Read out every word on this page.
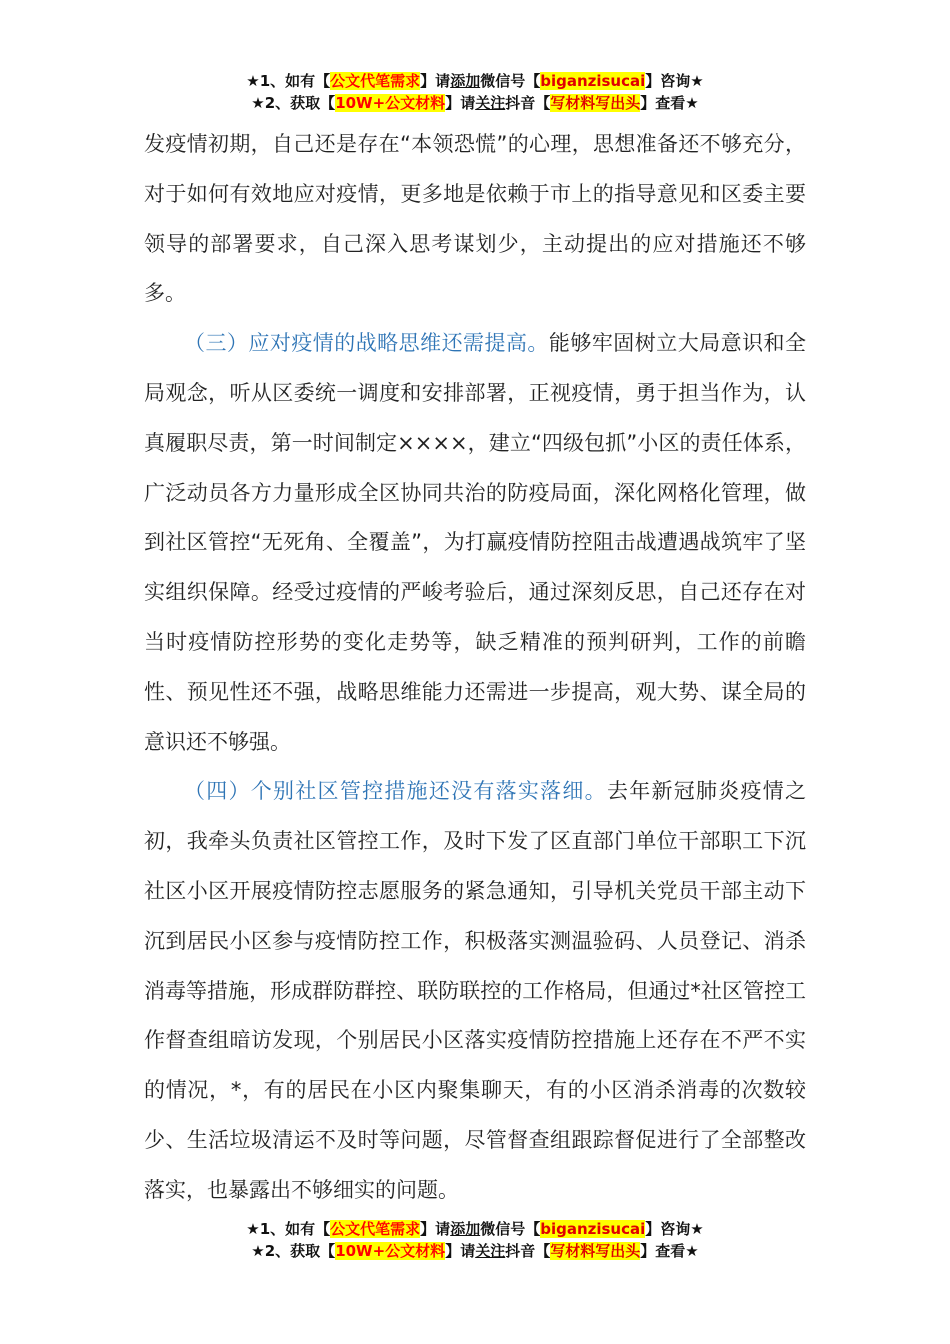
★1、如有【公文代笔需求】请添加微信号【biganzisucai】咨询★
★2、获取【10W+公文材料】请关注抖音【写材料写出头】查看★

发疫情初期，自己还是存在“本领恐慌”的心理，思想准备还不够充分，对于如何有效地应对疫情，更多地是依赖于市上的指导意见和区委主要领导的部署要求，自己深入思考谋划少，主动提出的应对措施还不够多。

（三）应对疫情的战略思维还需提高。能够牢固树立大局意识和全局观念，听从区委统一调度和安排部署，正视疫情，勇于担当作为，认真履职尽责，第一时间制定××××，建立“四级包抓”小区的责任体系，广泛动员各方力量形成全区协同共治的防疫局面，深化网格化管理，做到社区管控“无死角、全覆盖”，为打赢疫情防控阻击战遭遇战筑牢了坚实组织保障。经受过疫情的严峻考验后，通过深刻反思，自己还存在对当时疫情防控形势的变化走势等，缺乏精准的预判研判，工作的前瞻性、预见性还不强，战略思维能力还需进一步提高，观大势、谋全局的意识还不够强。

（四）个别社区管控措施还没有落实落细。去年新冠肺炎疫情之初，我牵头负责社区管控工作，及时下发了区直部门单位干部职工下沉社区小区开展疫情防控志愿服务的紧急通知，引导机关党员干部主动下沉到居民小区参与疫情防控工作，积极落实测温验码、人员登记、消杀消毒等措施，形成群防群控、联防联控的工作格局，但通过*社区管控工作督查组暗访发现，个别居民小区落实疫情防控措施上还存在不严不实的情况，*，有的居民在小区内聚集聊天，有的小区消杀消毒的次数较少、生活垃圾清运不及时等问题，尽管督查组跟踪督促进行了全部整改落实，也暴露出不够细实的问题。

★1、如有【公文代笔需求】请添加微信号【biganzisucai】咨询★
★2、获取【10W+公文材料】请关注抖音【写材料写出头】查看★
